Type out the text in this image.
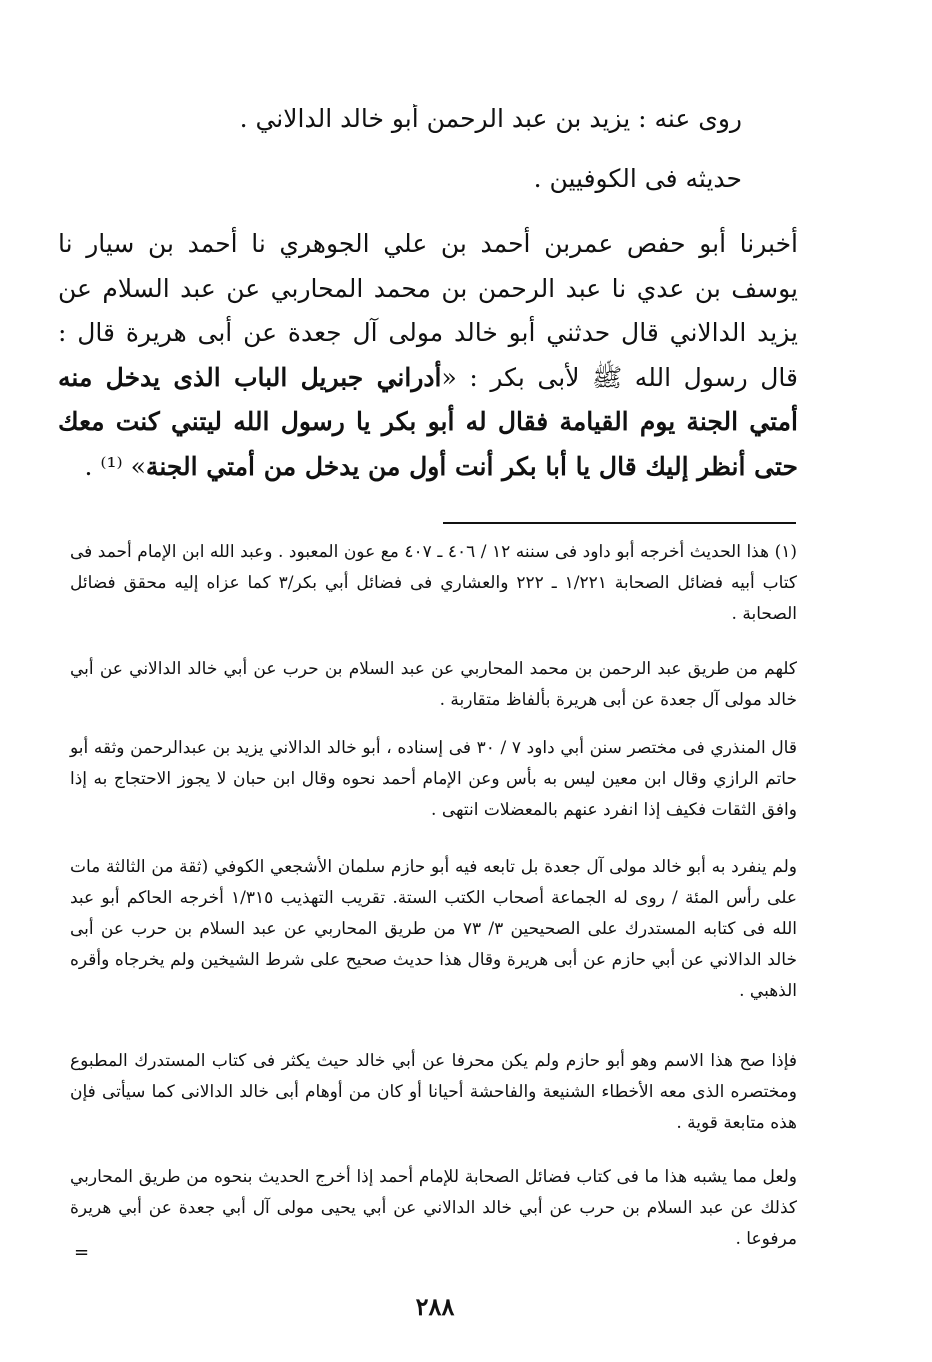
روى عنه : يزيد بن عبد الرحمن أبو خالد الدالاني .
حديثه فى الكوفيين .
أخبرنا أبو حفص عمربن أحمد بن علي الجوهري نا أحمد بن سيار نا يوسف بن عدي نا عبد الرحمن بن محمد المحاربي عن عبد السلام عن يزيد الدالاني قال حدثني أبو خالد مولى آل جعدة عن أبى هريرة قال : قال رسول الله ﷺ لأبى بكر : «أدراني جبريل الباب الذى يدخل منه أمتي الجنة يوم القيامة فقال له أبو بكر يا رسول الله ليتني كنت معك حتى أنظر إليك قال يا أبا بكر أنت أول من يدخل من أمتي الجنة» ⁽¹⁾ .
(١) هذا الحديث أخرجه أبو داود فى سننه ١٢ / ٤٠٦ ـ ٤٠٧ مع عون المعبود . وعبد الله ابن الإمام أحمد فى كتاب أبيه فضائل الصحابة ١/٢٢١ ـ ٢٢٢ والعشاري فى فضائل أبي بكر/٣ كما عزاه إليه محقق فضائل الصحابة .
كلهم من طريق عبد الرحمن بن محمد المحاربي عن عبد السلام بن حرب عن أبي خالد الدالاني عن أبي خالد مولى آل جعدة عن أبى هريرة بألفاظ متقاربة .
قال المنذري فى مختصر سنن أبي داود ٧ / ٣٠ فى إسناده ، أبو خالد الدالاني يزيد بن عبدالرحمن وثقه أبو حاتم الرازي وقال ابن معين ليس به بأس وعن الإمام أحمد نحوه وقال ابن حبان لا يجوز الاحتجاج به إذا وافق الثقات فكيف إذا انفرد عنهم بالمعضلات انتهى .
ولم ينفرد به أبو خالد مولى آل جعدة بل تابعه فيه أبو حازم سلمان الأشجعي الكوفي (ثقة من الثالثة مات على رأس المئة / روى له الجماعة أصحاب الكتب الستة. تقريب التهذيب ١/٣١٥ أخرجه الحاكم أبو عبد الله فى كتابه المستدرك على الصحيحين ٣/ ٧٣ من طريق المحاربي عن عبد السلام بن حرب عن أبى خالد الدالاني عن أبي حازم عن أبى هريرة وقال هذا حديث صحيح على شرط الشيخين ولم يخرجاه وأقره الذهبي .
فإذا صح هذا الاسم وهو أبو حازم ولم يكن محرفا عن أبي خالد حيث يكثر فى كتاب المستدرك المطبوع ومختصره الذى معه الأخطاء الشنيعة والفاحشة أحيانا أو كان من أوهام أبى خالد الدالانى كما سيأتى فإن هذه متابعة قوية .
ولعل مما يشبه هذا ما فى كتاب فضائل الصحابة للإمام أحمد إذا أخرج الحديث بنحوه من طريق المحاربي كذلك عن عبد السلام بن حرب عن أبي خالد الدالاني عن أبي يحيى مولى آل أبي جعدة عن أبي هريرة مرفوعا .
=
٢٨٨
